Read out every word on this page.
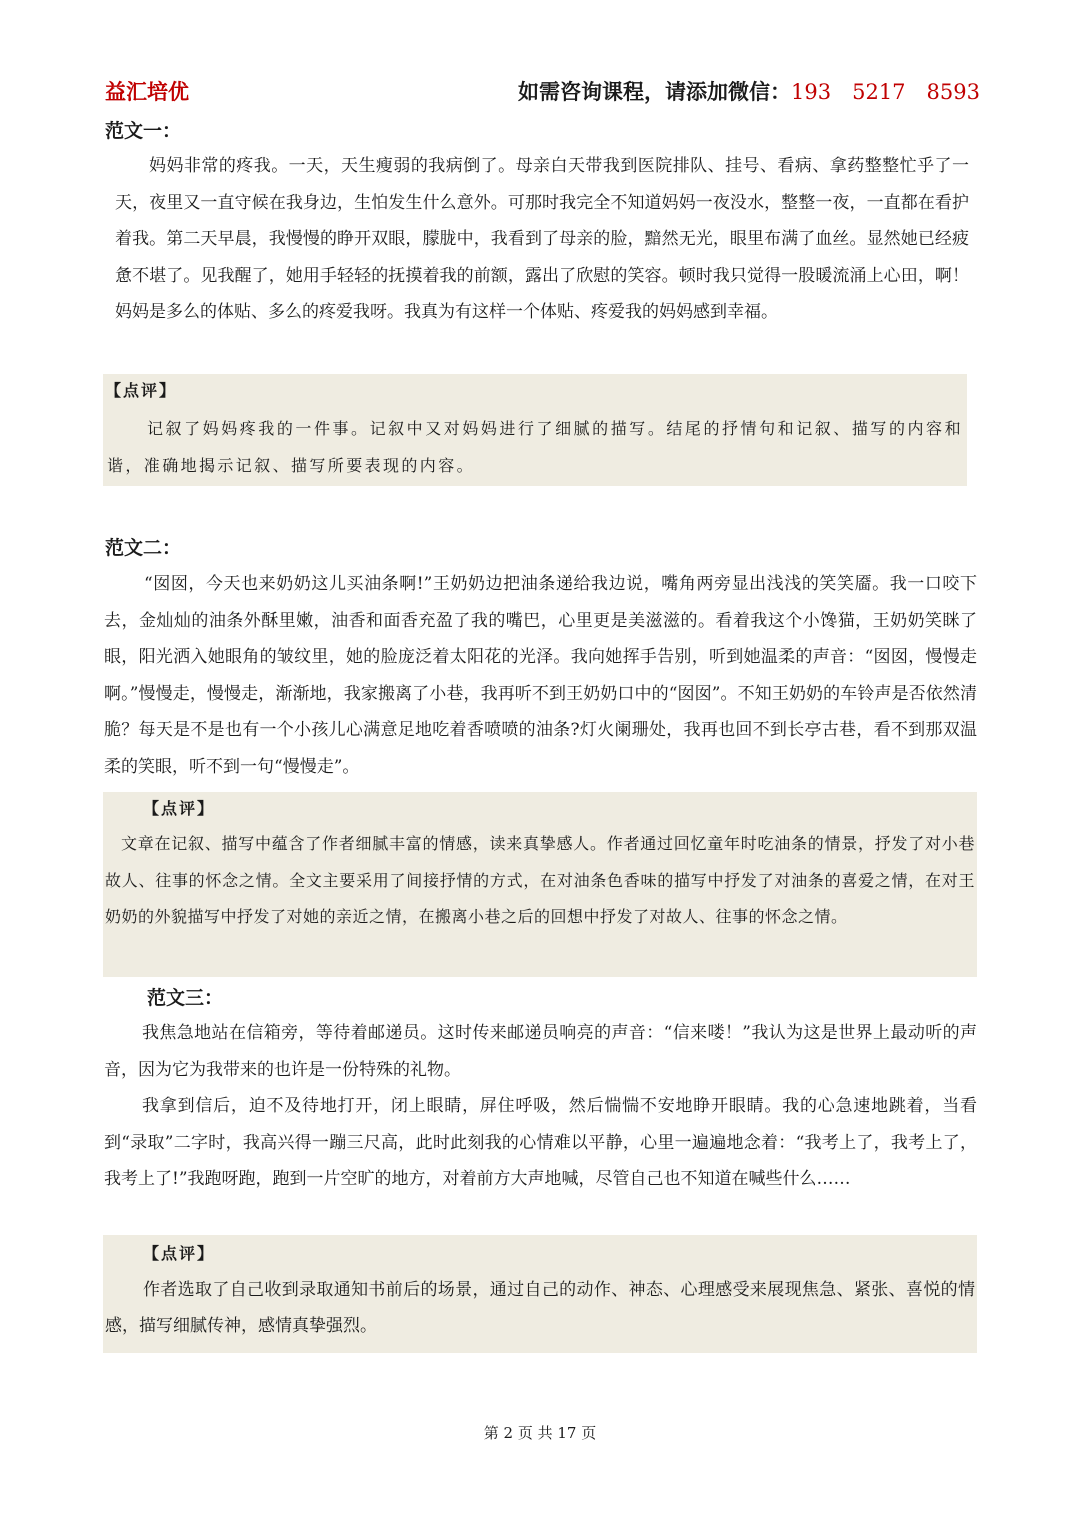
益汇培优	如需咨询课程，请添加微信：193　5217　8593
范文一：

妈妈非常的疼我。一天，天生瘦弱的我病倒了。母亲白天带我到医院排队、挂号、看病、拿药整整忙乎了一天，夜里又一直守候在我身边，生怕发生什么意外。可那时我完全不知道妈妈一夜没水，整整一夜，一直都在看护着我。第二天早晨，我慢慢的睁开双眼，朦胧中，我看到了母亲的脸，黯然无光，眼里布满了血丝。显然她已经疲惫不堪了。见我醒了，她用手轻轻的抚摸着我的前额，露出了欣慰的笑容。顿时我只觉得一股暖流涌上心田，啊！妈妈是多么的体贴、多么的疼爱我呀。我真为有这样一个体贴、疼爱我的妈妈感到幸福。

【点评】

记叙了妈妈疼我的一件事。记叙中又对妈妈进行了细腻的描写。结尾的抒情句和记叙、描写的内容和谐，准确地揭示记叙、描写所要表现的内容。

范文二：

“囡囡，今天也来奶奶这儿买油条啊!”王奶奶边把油条递给我边说，嘴角两旁显出浅浅的笑笑靥。我一口咬下去，金灿灿的油条外酥里嫩，油香和面香充盈了我的嘴巴，心里更是美滋滋的。看着我这个小馋猫，王奶奶笑眯了眼，阳光洒入她眼角的皱纹里，她的脸庞泛着太阳花的光泽。我向她挥手告别，听到她温柔的声音：“囡囡，慢慢走啊。”慢慢走，慢慢走，渐渐地，我家搬离了小巷，我再听不到王奶奶口中的“囡囡”。不知王奶奶的车铃声是否依然清脆？每天是不是也有一个小孩儿心满意足地吃着香喷喷的油条?灯火阑珊处，我再也回不到长亭古巷，看不到那双温柔的笑眼，听不到一句“慢慢走”。

【点评】

文章在记叙、描写中蕴含了作者细腻丰富的情感，读来真挚感人。作者通过回忆童年时吃油条的情景，抒发了对小巷故人、往事的怀念之情。全文主要采用了间接抒情的方式，在对油条色香味的描写中抒发了对油条的喜爱之情，在对王奶奶的外貌描写中抒发了对她的亲近之情，在搬离小巷之后的回想中抒发了对故人、往事的怀念之情。

范文三：

我焦急地站在信箱旁，等待着邮递员。这时传来邮递员响亮的声音：“信来喽！”我认为这是世界上最动听的声音，因为它为我带来的也许是一份特殊的礼物。

我拿到信后，迫不及待地打开，闭上眼睛，屏住呼吸，然后惴惴不安地睁开眼睛。我的心急速地跳着，当看到“录取”二字时，我高兴得一蹦三尺高，此时此刻我的心情难以平静，心里一遍遍地念着：“我考上了，我考上了，我考上了!”我跑呀跑，跑到一片空旷的地方，对着前方大声地喊，尽管自己也不知道在喊些什么……

【点评】

作者选取了自己收到录取通知书前后的场景，通过自己的动作、神态、心理感受来展现焦急、紧张、喜悦的情感，描写细腻传神，感情真挚强烈。

第 2 页 共 17 页
